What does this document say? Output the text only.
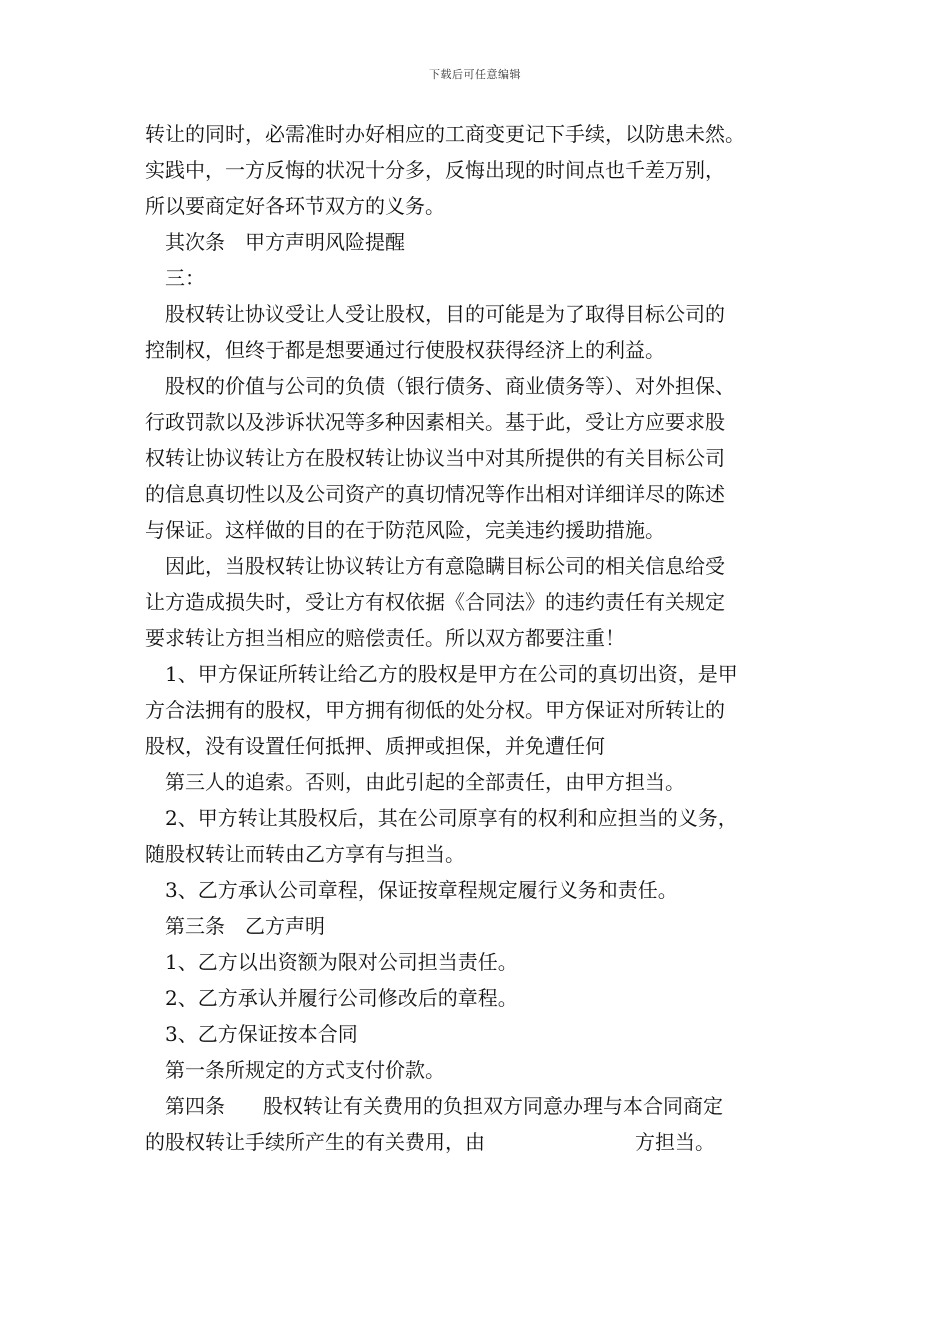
下载后可任意编辑
转让的同时，必需准时办好相应的工商变更记下手续，以防患未然。
实践中，一方反悔的状况十分多，反悔出现的时间点也千差万别，
所以要商定好各环节双方的义务。
其次条 甲方声明风险提醒
三：
股权转让协议受让人受让股权，目的可能是为了取得目标公司的
控制权，但终于都是想要通过行使股权获得经济上的利益。
股权的价值与公司的负债（银行债务、商业债务等）、对外担保、
行政罚款以及涉诉状况等多种因素相关。基于此，受让方应要求股
权转让协议转让方在股权转让协议当中对其所提供的有关目标公司
的信息真切性以及公司资产的真切情况等作出相对详细详尽的陈述
与保证。这样做的目的在于防范风险，完美违约援助措施。
因此，当股权转让协议转让方有意隐瞒目标公司的相关信息给受
让方造成损失时，受让方有权依据《合同法》的违约责任有关规定
要求转让方担当相应的赔偿责任。所以双方都要注重！
1、甲方保证所转让给乙方的股权是甲方在公司的真切出资，是甲
方合法拥有的股权，甲方拥有彻低的处分权。甲方保证对所转让的
股权，没有设置任何抵押、质押或担保，并免遭任何
第三人的追索。否则，由此引起的全部责任，由甲方担当。
2、甲方转让其股权后，其在公司原享有的权利和应担当的义务，
随股权转让而转由乙方享有与担当。
3、乙方承认公司章程，保证按章程规定履行义务和责任。
第三条 乙方声明
1、乙方以出资额为限对公司担当责任。
2、乙方承认并履行公司修改后的章程。
3、乙方保证按本合同
第一条所规定的方式支付价款。
第四条 股权转让有关费用的负担双方同意办理与本合同商定
的股权转让手续所产生的有关费用，由	方担当。
